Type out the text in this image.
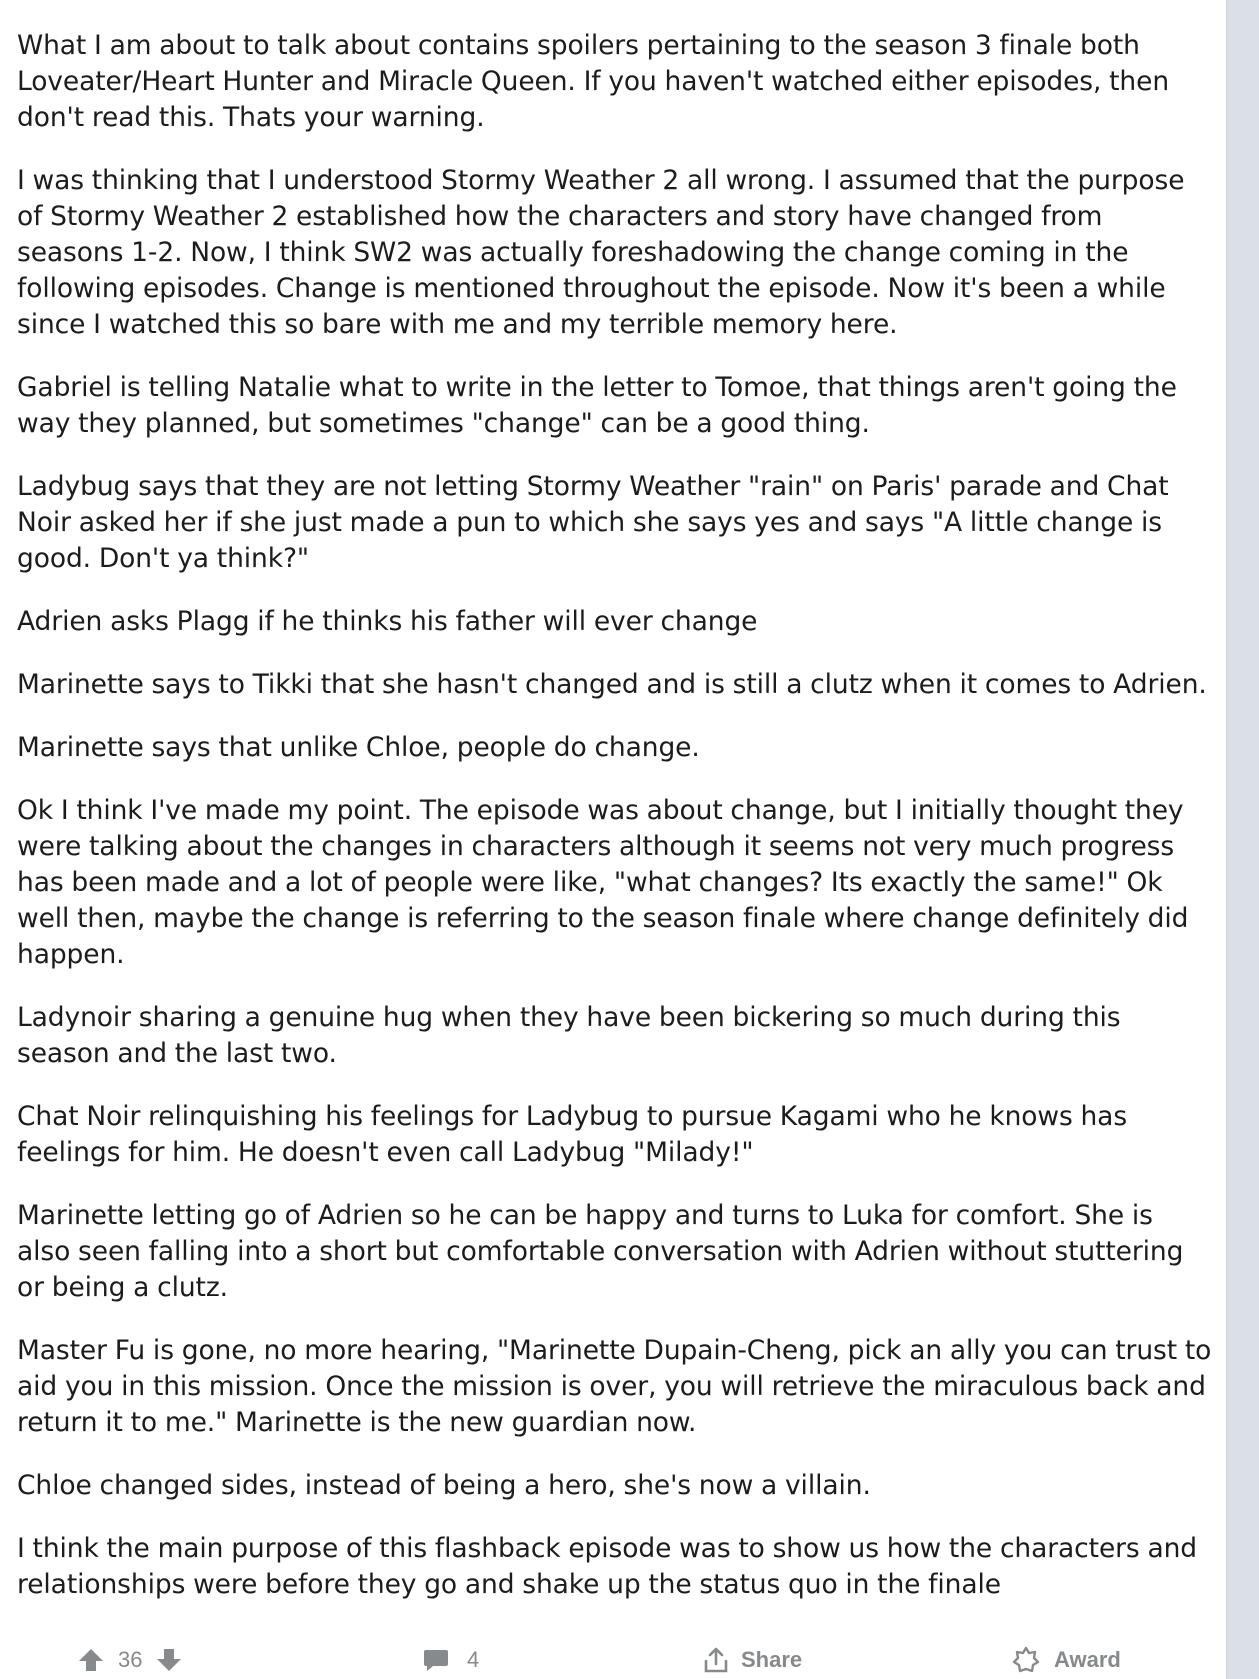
What I am about to talk about contains spoilers pertaining to the season 3 finale both Loveater/Heart Hunter and Miracle Queen. If you haven't watched either episodes, then don't read this. Thats your warning.

I was thinking that I understood Stormy Weather 2 all wrong. I assumed that the purpose of Stormy Weather 2 established how the characters and story have changed from seasons 1-2. Now, I think SW2 was actually foreshadowing the change coming in the following episodes. Change is mentioned throughout the episode. Now it's been a while since I watched this so bare with me and my terrible memory here.

Gabriel is telling Natalie what to write in the letter to Tomoe, that things aren't going the way they planned, but sometimes "change" can be a good thing.

Ladybug says that they are not letting Stormy Weather "rain" on Paris' parade and Chat Noir asked her if she just made a pun to which she says yes and says "A little change is good. Don't ya think?"

Adrien asks Plagg if he thinks his father will ever change

Marinette says to Tikki that she hasn't changed and is still a clutz when it comes to Adrien.

Marinette says that unlike Chloe, people do change.

Ok I think I've made my point. The episode was about change, but I initially thought they were talking about the changes in characters although it seems not very much progress has been made and a lot of people were like, "what changes? Its exactly the same!" Ok well then, maybe the change is referring to the season finale where change definitely did happen.

Ladynoir sharing a genuine hug when they have been bickering so much during this season and the last two.

Chat Noir relinquishing his feelings for Ladybug to pursue Kagami who he knows has feelings for him. He doesn't even call Ladybug "Milady!"

Marinette letting go of Adrien so he can be happy and turns to Luka for comfort. She is also seen falling into a short but comfortable conversation with Adrien without stuttering or being a clutz.

Master Fu is gone, no more hearing, "Marinette Dupain-Cheng, pick an ally you can trust to aid you in this mission. Once the mission is over, you will retrieve the miraculous back and return it to me." Marinette is the new guardian now.

Chloe changed sides, instead of being a hero, she's now a villain.

I think the main purpose of this flashback episode was to show us how the characters and relationships were before they go and shake up the status quo in the finale

36	4	Share	Award
